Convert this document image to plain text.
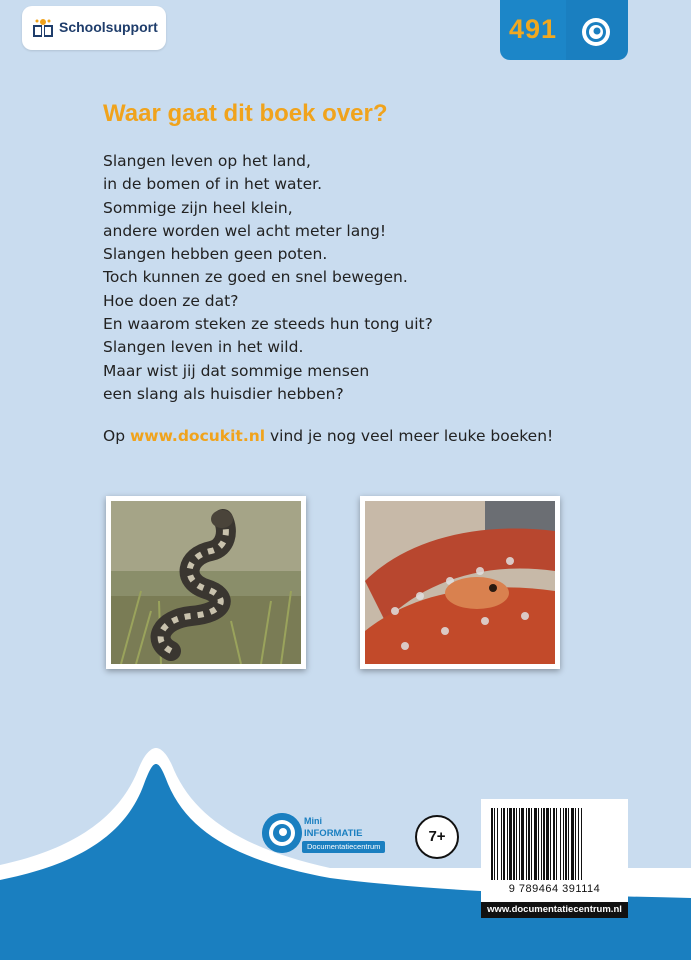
Schoolsupport	491
Waar gaat dit boek over?
Slangen leven op het land,
in de bomen of in het water.
Sommige zijn heel klein,
andere worden wel acht meter lang!
Slangen hebben geen poten.
Toch kunnen ze goed en snel bewegen.
Hoe doen ze dat?
En waarom steken ze steeds hun tong uit?
Slangen leven in het wild.
Maar wist jij dat sommige mensen
een slang als huisdier hebben?
Op www.docukit.nl vind je nog veel meer leuke boeken!
Mini
INFORMATIE
Documentatiecentrum
7+
9 789464 391114
www.documentatiecentrum.nl
